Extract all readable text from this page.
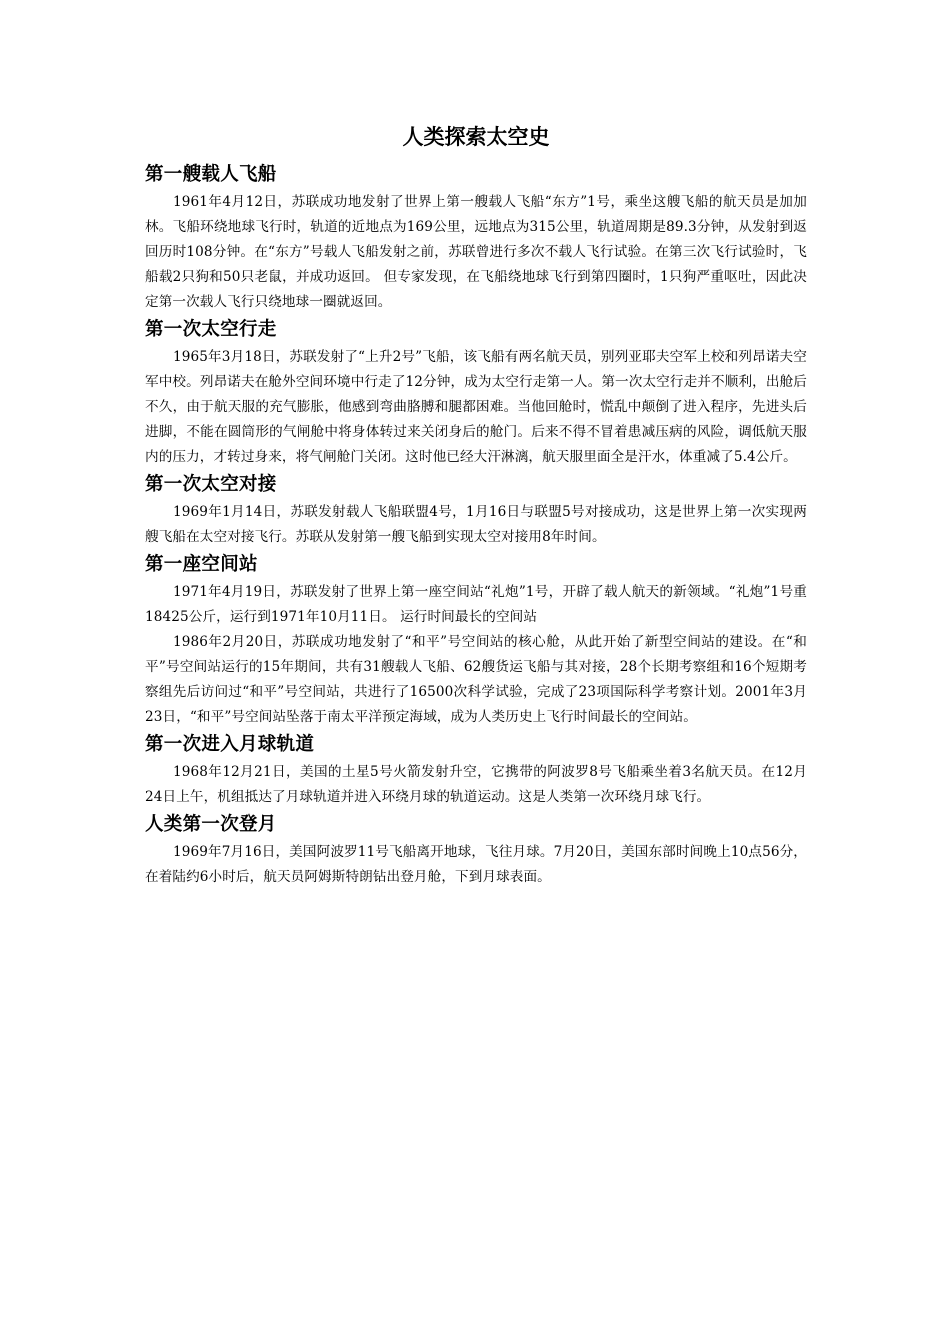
人类探索太空史
第一艘载人飞船

1961年4月12日，苏联成功地发射了世界上第一艘载人飞船“东方”1号，乘坐这艘飞船的航天员是加加林。飞船环绕地球飞行时，轨道的近地点为169公里，远地点为315公里，轨道周期是89.3分钟，从发射到返回历时108分钟。在“东方”号载人飞船发射之前，苏联曾进行多次不载人飞行试验。在第三次飞行试验时，飞船载2只狗和50只老鼠，并成功返回。 但专家发现，在飞船绕地球飞行到第四圈时，1只狗严重呕吐，因此决定第一次载人飞行只绕地球一圈就返回。

第一次太空行走

1965年3月18日，苏联发射了“上升2号”飞船，该飞船有两名航天员，别列亚耶夫空军上校和列昂诺夫空军中校。列昂诺夫在舱外空间环境中行走了12分钟，成为太空行走第一人。第一次太空行走并不顺利，出舱后不久，由于航天服的充气膨胀，他感到弯曲胳膊和腿都困难。当他回舱时，慌乱中颠倒了进入程序，先进头后进脚，不能在圆筒形的气闸舱中将身体转过来关闭身后的舱门。后来不得不冒着患减压病的风险，调低航天服内的压力，才转过身来，将气闸舱门关闭。这时他已经大汗淋漓，航天服里面全是汗水，体重减了5.4公斤。

第一次太空对接

1969年1月14日，苏联发射载人飞船联盟4号，1月16日与联盟5号对接成功，这是世界上第一次实现两艘飞船在太空对接飞行。苏联从发射第一艘飞船到实现太空对接用8年时间。

第一座空间站

1971年4月19日，苏联发射了世界上第一座空间站“礼炮”1号，开辟了载人航天的新领域。“礼炮”1号重18425公斤，运行到1971年10月11日。 运行时间最长的空间站

1986年2月20日，苏联成功地发射了“和平”号空间站的核心舱，从此开始了新型空间站的建设。在“和平”号空间站运行的15年期间，共有31艘载人飞船、62艘货运飞船与其对接，28个长期考察组和16个短期考察组先后访问过“和平”号空间站，共进行了16500次科学试验，完成了23项国际科学考察计划。2001年3月23日，“和平”号空间站坠落于南太平洋预定海域，成为人类历史上飞行时间最长的空间站。

第一次进入月球轨道

1968年12月21日，美国的土星5号火箭发射升空，它携带的阿波罗8号飞船乘坐着3名航天员。在12月24日上午，机组抵达了月球轨道并进入环绕月球的轨道运动。这是人类第一次环绕月球飞行。

人类第一次登月

1969年7月16日，美国阿波罗11号飞船离开地球，飞往月球。7月20日，美国东部时间晚上10点56分，在着陆约6小时后，航天员阿姆斯特朗钻出登月舱，下到月球表面。
